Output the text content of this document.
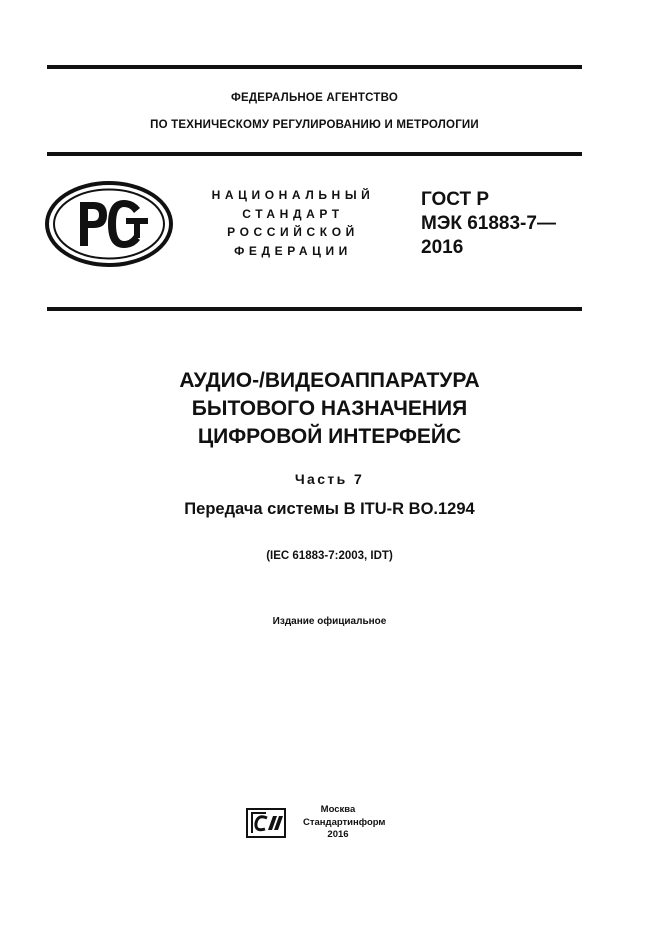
ФЕДЕРАЛЬНОЕ АГЕНТСТВО
ПО ТЕХНИЧЕСКОМУ РЕГУЛИРОВАНИЮ И МЕТРОЛОГИИ
НАЦИОНАЛЬНЫЙ
СТАНДАРТ
РОССИЙСКОЙ
ФЕДЕРАЦИИ
ГОСТ Р
МЭК 61883-7—
2016
АУДИО-/ВИДЕОАППАРАТУРА
БЫТОВОГО НАЗНАЧЕНИЯ
ЦИФРОВОЙ ИНТЕРФЕЙС
Часть 7
Передача системы B ITU-R BO.1294
(IEC 61883-7:2003, IDT)
Издание официальное
Москва
Стандартинформ
2016
